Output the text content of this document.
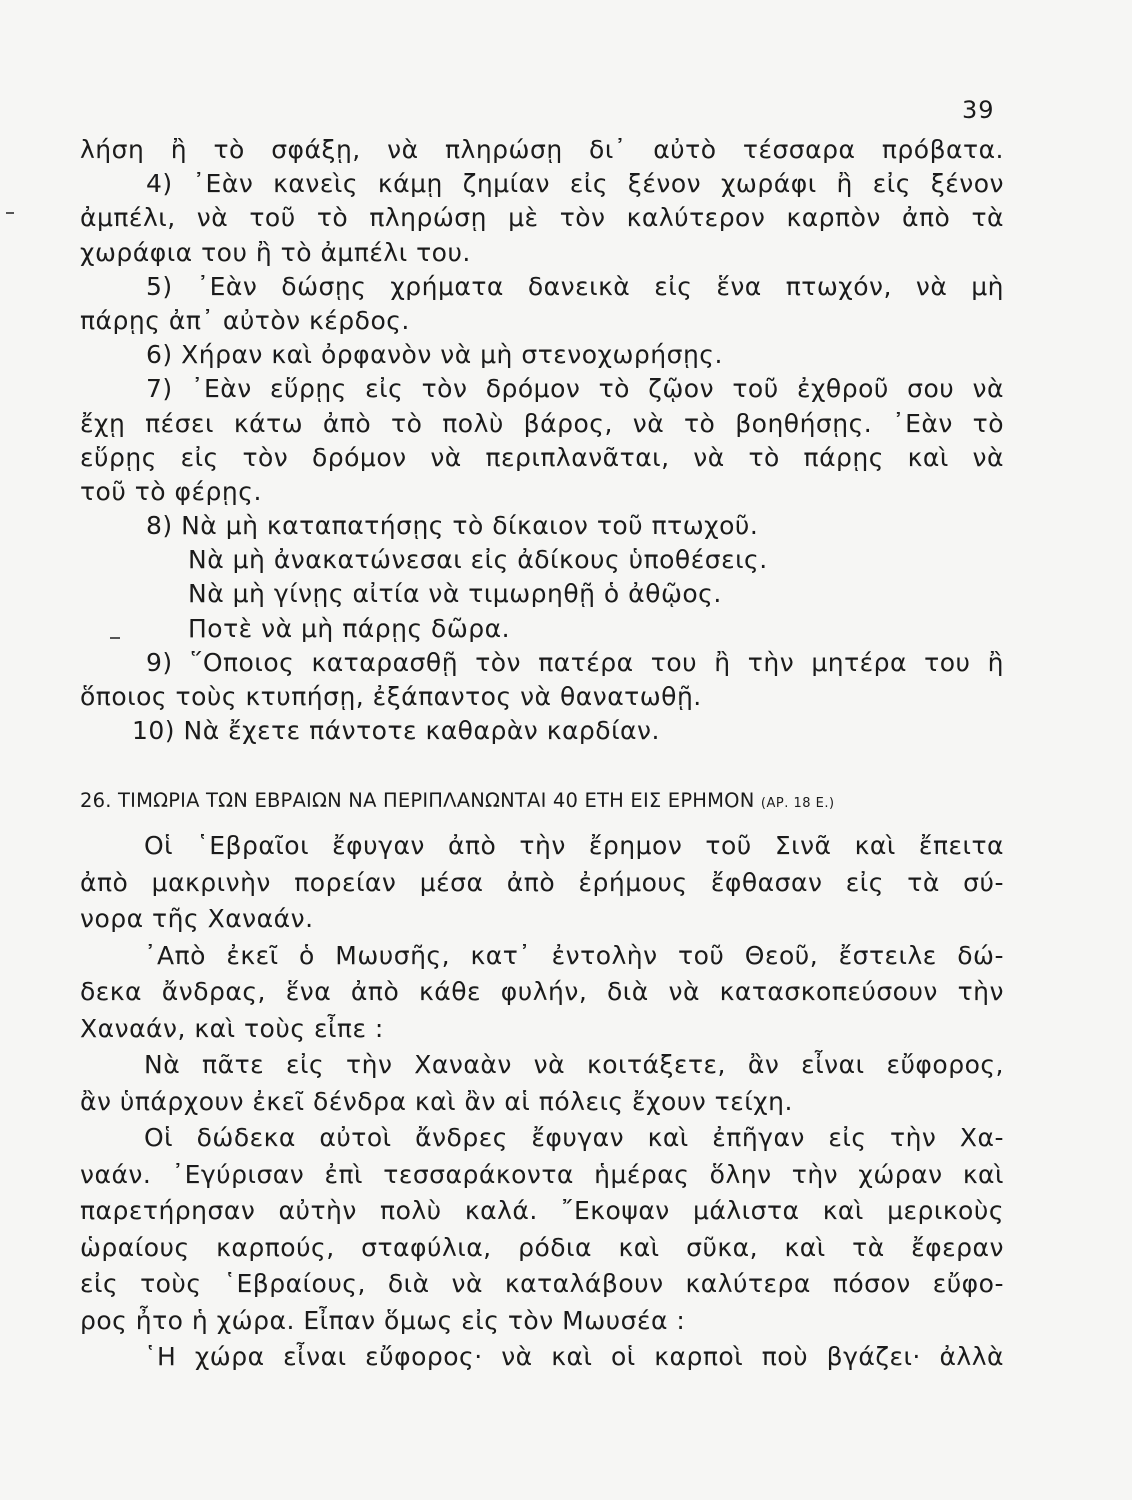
39
λήση ἢ τὸ σφάξῃ, νὰ πληρώσῃ δι᾽ αὐτὸ τέσσαρα πρόβατα.
4) ᾿Εὰν κανεὶς κάμῃ ζημίαν εἰς ξένον χωράφι ἢ εἰς ξένον
ἀμπέλι, νὰ τοῦ τὸ πληρώσῃ μὲ τὸν καλύτερον καρπὸν ἀπὸ τὰ
χωράφια του ἢ τὸ ἀμπέλι του.
5) ᾿Εὰν δώσῃς χρήματα δανεικὰ εἰς ἕνα πτωχόν, νὰ μὴ
πάρῃς ἀπ᾽ αὐτὸν κέρδος.
6) Χήραν καὶ ὀρφανὸν νὰ μὴ στενοχωρήσῃς.
7) ᾿Εὰν εὕρῃς εἰς τὸν δρόμον τὸ ζῷον τοῦ ἐχθροῦ σου νὰ
ἔχῃ πέσει κάτω ἀπὸ τὸ πολὺ βάρος, νὰ τὸ βοηθήσῃς. ᾿Εὰν τὸ
εὕρῃς εἰς τὸν δρόμον νὰ περιπλανᾶται, νὰ τὸ πάρῃς καὶ νὰ
τοῦ τὸ φέρῃς.
8) Νὰ μὴ καταπατήσῃς τὸ δίκαιον τοῦ πτωχοῦ.
Νὰ μὴ ἀνακατώνεσαι εἰς ἀδίκους ὑποθέσεις.
Νὰ μὴ γίνῃς αἰτία νὰ τιμωρηθῇ ὁ ἀθῷος.
Ποτὲ νὰ μὴ πάρῃς δῶρα.
9) ῞Οποιος καταρασθῇ τὸν πατέρα του ἢ τὴν μητέρα του ἢ
ὅποιος τοὺς κτυπήσῃ, ἐξάπαντος νὰ θανατωθῇ.
10) Νὰ ἔχετε πάντοτε καθαρὰν καρδίαν.
26. ΤΙΜΩΡΙΑ ΤΩΝ ΕΒΡΑΙΩΝ ΝΑ ΠΕΡΙΠΛΑΝΩΝΤΑΙ 40 ΕΤΗ ΕΙΣ ΕΡΗΜΟΝ (ΑΡ. 18 Ε.)
Οἱ ῾Εβραῖοι ἔφυγαν ἀπὸ τὴν ἔρημον τοῦ Σινᾶ καὶ ἔπειτα
ἀπὸ μακρινὴν πορείαν μέσα ἀπὸ ἐρήμους ἔφθασαν εἰς τὰ σύ-
νορα τῆς Χαναάν.
᾿Απὸ ἐκεῖ ὁ Μωυσῆς, κατ᾽ ἐντολὴν τοῦ Θεοῦ, ἔστειλε δώ-
δεκα ἄνδρας, ἕνα ἀπὸ κάθε φυλήν, διὰ νὰ κατασκοπεύσουν τὴν
Χαναάν, καὶ τοὺς εἶπε :
Νὰ πᾶτε εἰς τὴν Χαναὰν νὰ κοιτάξετε, ἂν εἶναι εὔφορος,
ἂν ὑπάρχουν ἐκεῖ δένδρα καὶ ἂν αἱ πόλεις ἔχουν τείχη.
Οἱ δώδεκα αὐτοὶ ἄνδρες ἔφυγαν καὶ ἐπῆγαν εἰς τὴν Χα-
ναάν. ᾿Εγύρισαν ἐπὶ τεσσαράκοντα ἡμέρας ὅλην τὴν χώραν καὶ
παρετήρησαν αὐτὴν πολὺ καλά. ῎Εκοψαν μάλιστα καὶ μερικοὺς
ὡραίους καρπούς, σταφύλια, ρόδια καὶ σῦκα, καὶ τὰ ἔφεραν
εἰς τοὺς ῾Εβραίους, διὰ νὰ καταλάβουν καλύτερα πόσον εὔφο-
ρος ἦτο ἡ χώρα. Εἶπαν ὅμως εἰς τὸν Μωυσέα :
῾Η χώρα εἶναι εὔφορος· νὰ καὶ οἱ καρποὶ ποὺ βγάζει· ἀλλὰ
